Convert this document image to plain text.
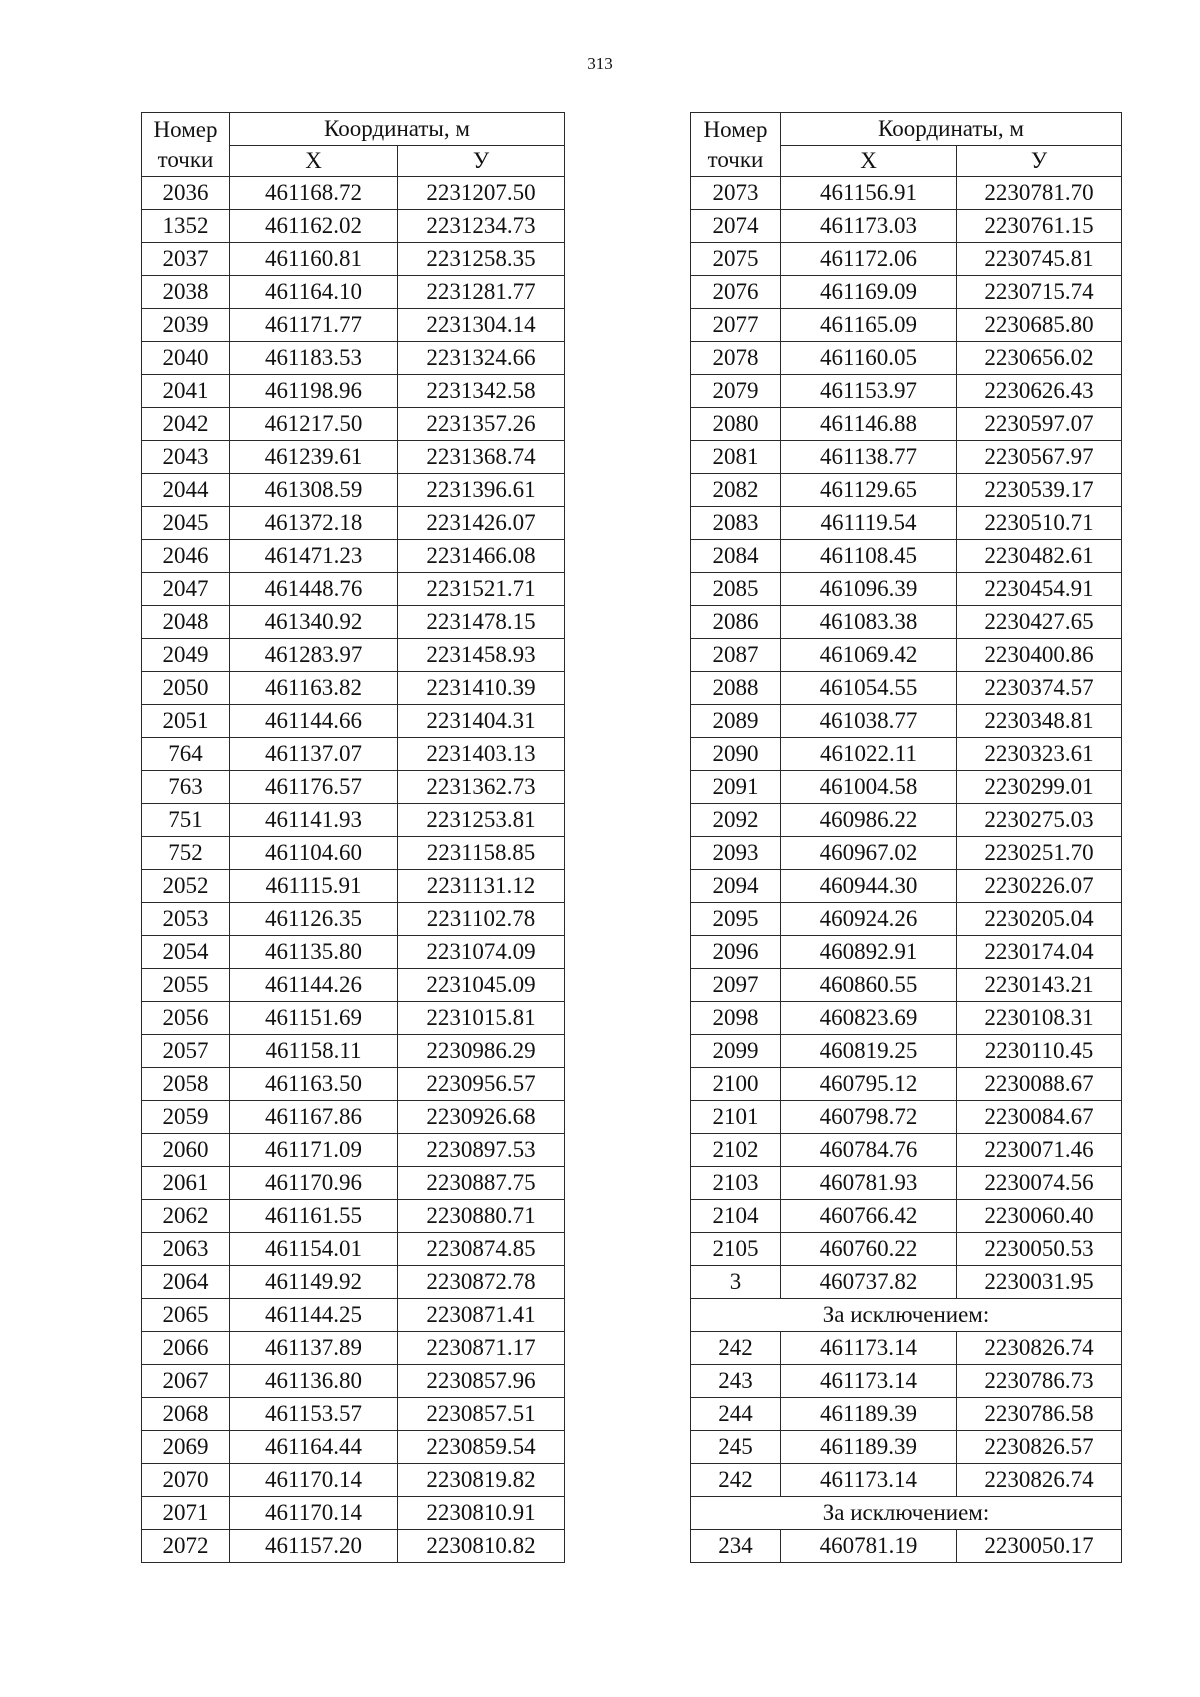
313
Номер
точки	Координаты, м	
	Х	У
2036	461168.72	2231207.50
1352	461162.02	2231234.73
2037	461160.81	2231258.35
2038	461164.10	2231281.77
2039	461171.77	2231304.14
2040	461183.53	2231324.66
2041	461198.96	2231342.58
2042	461217.50	2231357.26
2043	461239.61	2231368.74
2044	461308.59	2231396.61
2045	461372.18	2231426.07
2046	461471.23	2231466.08
2047	461448.76	2231521.71
2048	461340.92	2231478.15
2049	461283.97	2231458.93
2050	461163.82	2231410.39
2051	461144.66	2231404.31
764	461137.07	2231403.13
763	461176.57	2231362.73
751	461141.93	2231253.81
752	461104.60	2231158.85
2052	461115.91	2231131.12
2053	461126.35	2231102.78
2054	461135.80	2231074.09
2055	461144.26	2231045.09
2056	461151.69	2231015.81
2057	461158.11	2230986.29
2058	461163.50	2230956.57
2059	461167.86	2230926.68
2060	461171.09	2230897.53
2061	461170.96	2230887.75
2062	461161.55	2230880.71
2063	461154.01	2230874.85
2064	461149.92	2230872.78
2065	461144.25	2230871.41
2066	461137.89	2230871.17
2067	461136.80	2230857.96
2068	461153.57	2230857.51
2069	461164.44	2230859.54
2070	461170.14	2230819.82
2071	461170.14	2230810.91
2072	461157.20	2230810.82
Номер
точки	Координаты, м	
	Х	У
2073	461156.91	2230781.70
2074	461173.03	2230761.15
2075	461172.06	2230745.81
2076	461169.09	2230715.74
2077	461165.09	2230685.80
2078	461160.05	2230656.02
2079	461153.97	2230626.43
2080	461146.88	2230597.07
2081	461138.77	2230567.97
2082	461129.65	2230539.17
2083	461119.54	2230510.71
2084	461108.45	2230482.61
2085	461096.39	2230454.91
2086	461083.38	2230427.65
2087	461069.42	2230400.86
2088	461054.55	2230374.57
2089	461038.77	2230348.81
2090	461022.11	2230323.61
2091	461004.58	2230299.01
2092	460986.22	2230275.03
2093	460967.02	2230251.70
2094	460944.30	2230226.07
2095	460924.26	2230205.04
2096	460892.91	2230174.04
2097	460860.55	2230143.21
2098	460823.69	2230108.31
2099	460819.25	2230110.45
2100	460795.12	2230088.67
2101	460798.72	2230084.67
2102	460784.76	2230071.46
2103	460781.93	2230074.56
2104	460766.42	2230060.40
2105	460760.22	2230050.53
3	460737.82	2230031.95
За исключением:		
242	461173.14	2230826.74
243	461173.14	2230786.73
244	461189.39	2230786.58
245	461189.39	2230826.57
242	461173.14	2230826.74
За исключением:		
234	460781.19	2230050.17
